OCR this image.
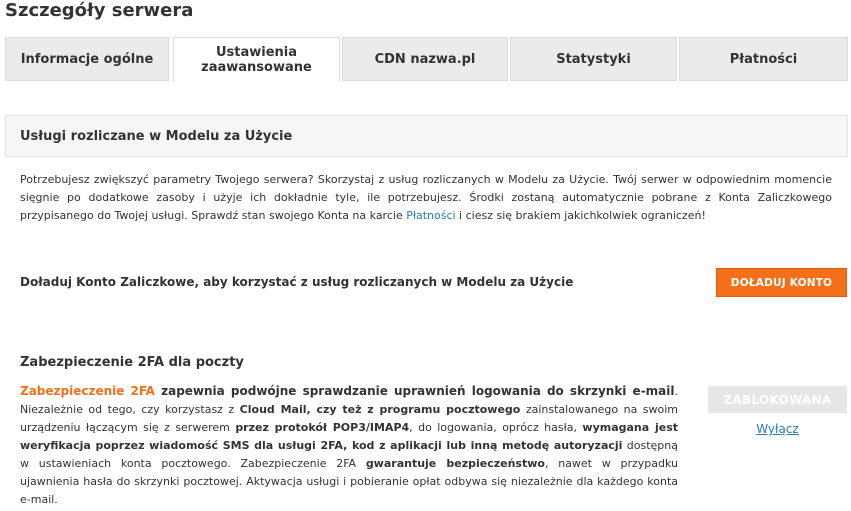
Szczegóły serwera
Informacje ogólne	Ustawienia zaawansowane
CDN nazwa.pl	Statystyki	Płatności
Usługi rozliczane w Modelu za Użycie
Potrzebujesz zwiększyć parametry Twojego serwera? Skorzystaj z usług rozliczanych w Modelu za Użycie. Twój serwer w odpowiednim momencie sięgnie po dodatkowe zasoby i użyje ich dokładnie tyle, ile potrzebujesz. Środki zostaną automatycznie pobrane z Konta Zaliczkowego przypisanego do Twojej usługi. Sprawdź stan swojego Konta na karcie Płatności i ciesz się brakiem jakichkolwiek ograniczeń!
Doładuj Konto Zaliczkowe, aby korzystać z usług rozliczanych w Modelu za Użycie	DOŁADUJ KONTO
Zabezpieczenie 2FA dla poczty
Zabezpieczenie 2FA zapewnia podwójne sprawdzanie uprawnień logowania do skrzynki e-mail. Niezależnie od tego, czy korzystasz z Cloud Mail, czy też z programu pocztowego zainstalowanego na swoim urządzeniu łączącym się z serwerem przez protokół POP3/IMAP4, do logowania, oprócz hasła, wymagana jest weryfikacja poprzez wiadomość SMS dla usługi 2FA, kod z aplikacji lub inną metodę autoryzacji dostępną w ustawieniach konta pocztowego. Zabezpieczenie 2FA gwarantuje bezpieczeństwo, nawet w przypadku ujawnienia hasła do skrzynki pocztowej. Aktywacja usługi i pobieranie opłat odbywa się niezależnie dla każdego konta e-mail.
ZABLOKOWANA
Wyłącz
